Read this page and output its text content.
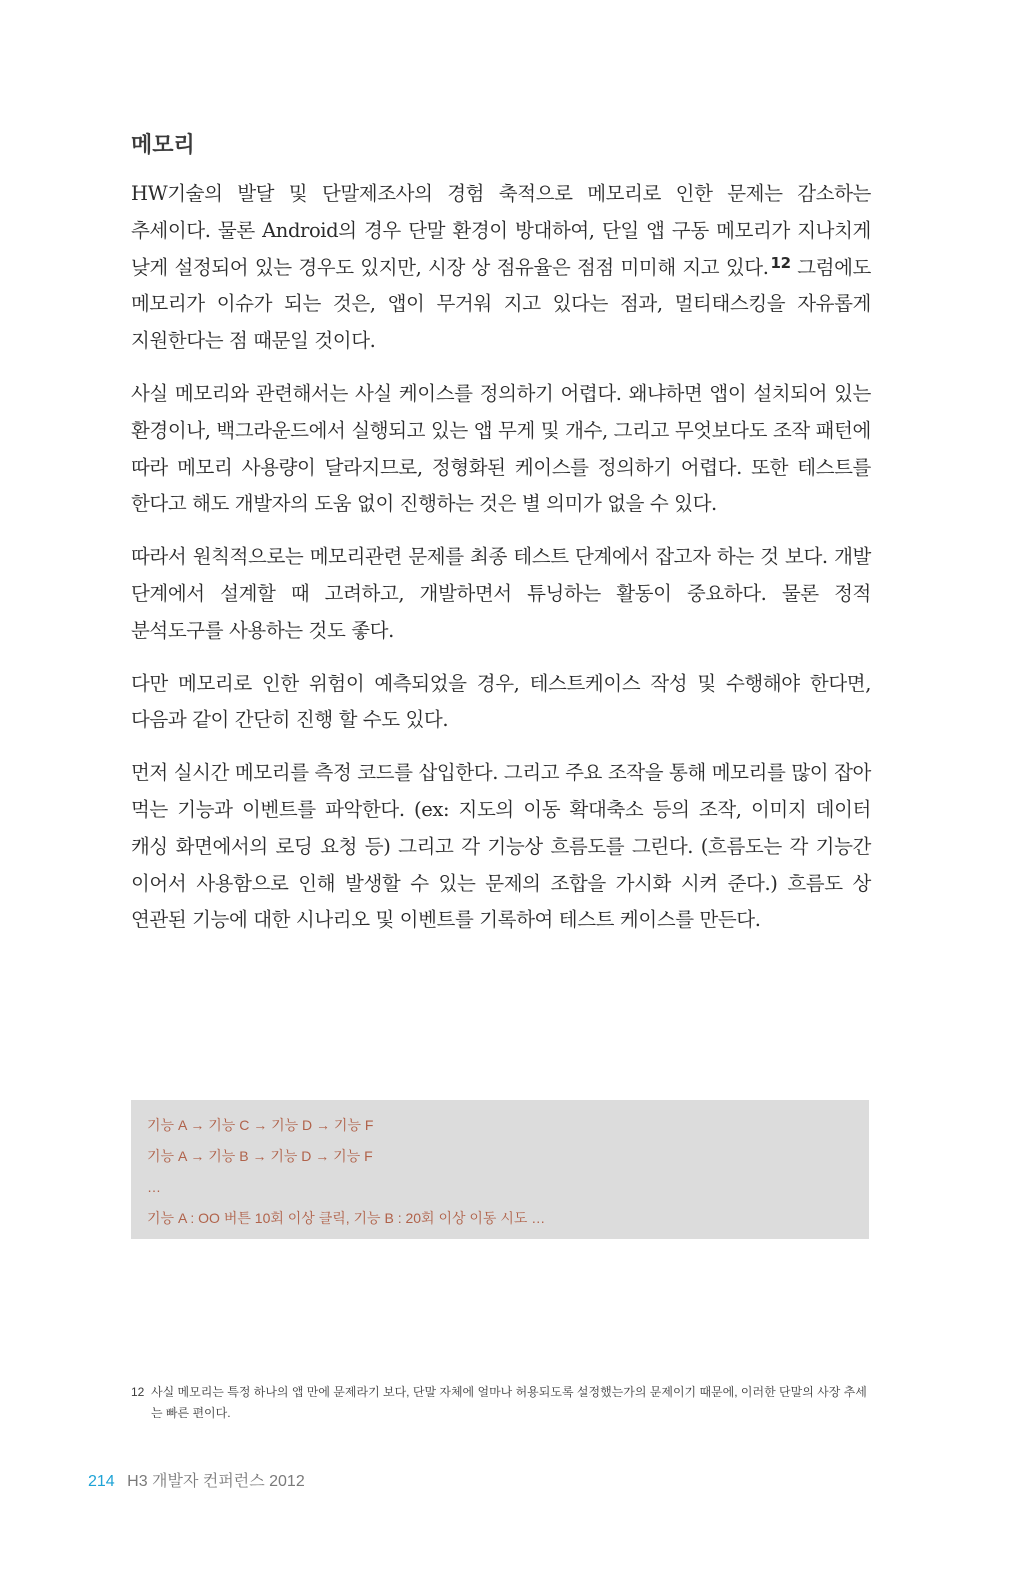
메모리

HW기술의 발달 및 단말제조사의 경험 축적으로 메모리로 인한 문제는 감소하는 추세이다. 물론 Android의 경우 단말 환경이 방대하여, 단일 앱 구동 메모리가 지나치게 낮게 설정되어 있는 경우도 있지만, 시장 상 점유율은 점점 미미해 지고 있다. $^{12}$ 그럼에도 메모리가 이슈가 되는 것은, 앱이 무거워 지고 있다는 점과, 멀티태스킹을 자유롭게 지원한다는 점 때문일 것이다.

사실 메모리와 관련해서는 사실 케이스를 정의하기 어렵다. 왜냐하면 앱이 설치되어 있는 환경이나, 백그라운드에서 실행되고 있는 앱 무게 및 개수, 그리고 무엇보다도 조작 패턴에 따라 메모리 사용량이 달라지므로, 정형화된 케이스를 정의하기 어렵다. 또한 테스트를 한다고 해도 개발자의 도움 없이 진행하는 것은 별 의미가 없을 수 있다.

따라서 원칙적으로는 메모리관련 문제를 최종 테스트 단계에서 잡고자 하는 것 보다. 개발 단계에서 설계할 때 고려하고, 개발하면서 튜닝하는 활동이 중요하다. 물론 정적 분석도구를 사용하는 것도 좋다.

다만 메모리로 인한 위험이 예측되었을 경우, 테스트케이스 작성 및 수행해야 한다면, 다음과 같이 간단히 진행 할 수도 있다.

먼저 실시간 메모리를 측정 코드를 삽입한다. 그리고 주요 조작을 통해 메모리를 많이 잡아 먹는 기능과 이벤트를 파악한다. (ex: 지도의 이동 확대축소 등의 조작, 이미지 데이터 캐싱 화면에서의 로딩 요청 등) 그리고 각 기능상 흐름도를 그린다. (흐름도는 각 기능간 이어서 사용함으로 인해 발생할 수 있는 문제의 조합을 가시화 시켜 준다.) 흐름도 상 연관된 기능에 대한 시나리오 및 이벤트를 기록하여 테스트 케이스를 만든다.

기능 A → 기능 C → 기능 D → 기능 F

기능 A → 기능 B → 기능 D → 기능 F

…

기능 A : OO 버튼 10회 이상 클릭, 기능 B : 20회 이상 이동 시도 …

12 사실 메모리는 특정 하나의 앱 만에 문제라기 보다, 단말 자체에 얼마나 허용되도록 설정했는가의 문제이기 때문에, 이러한 단말의 사장 추세는 빠른 편이다.
214 H3 개발자 컨퍼런스 2012
